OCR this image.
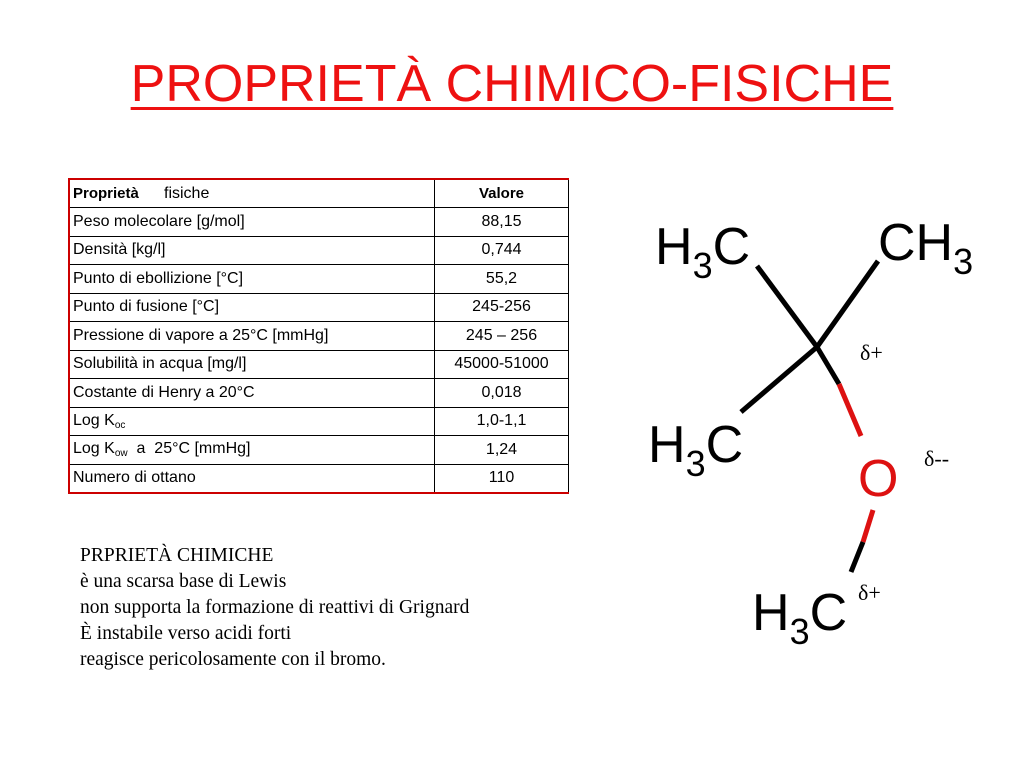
PROPRIETÀ CHIMICO-FISICHE
Proprietà fisiche	Valore
Peso molecolare [g/mol]	88,15
Densità [kg/l]	0,744
Punto di ebollizione [°C]	55,2
Punto di fusione [°C]	245-256
Pressione di vapore a 25°C [mmHg]	245 – 256
Solubilità in acqua [mg/l]	45000-51000
Costante di Henry a 20°C	0,018
Log $K_{oc}$	1,0-1,1
Log $K_{ow}$  a  25°C [mmHg]	1,24
Numero di ottano	110
PRPRIETÀ CHIMICHE
è una scarsa base di Lewis
non supporta la formazione di reattivi di Grignard
È instabile verso acidi forti
reagisce pericolosamente con il bromo.
$H_3C$ $CH_3$
$H_3C$
O
$H_3C$
δ+
δ--
δ+
